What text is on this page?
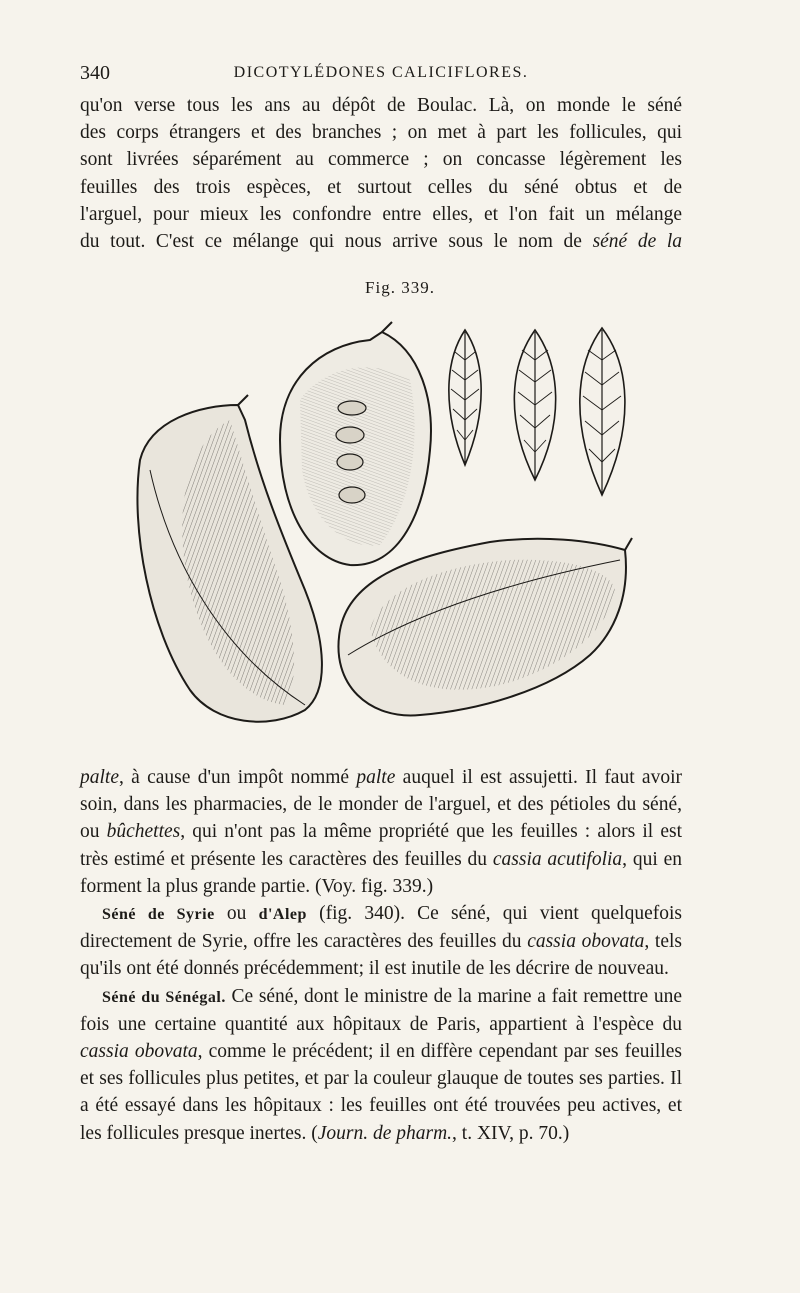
340	DICOTYLÉDONES CALICIFLORES.

qu'on verse tous les ans au dépôt de Boulac. Là, on monde le séné

des corps étrangers et des branches ; on met à part les follicules, qui

sont livrées séparément au commerce ; on concasse légèrement les

feuilles des trois espèces, et surtout celles du séné obtus et de

l'arguel, pour mieux les confondre entre elles, et l'on fait un mélange

du tout. C'est ce mélange qui nous arrive sous le nom de séné de la

Fig. 339.

palte, à cause d'un impôt nommé palte auquel il est assujetti. Il faut avoir soin, dans les pharmacies, de le monder de l'arguel, et des pétioles du séné, ou bûchettes, qui n'ont pas la même propriété que les feuilles : alors il est très estimé et présente les caractères des feuilles du cassia acutifolia, qui en forment la plus grande partie. (Voy. fig. 339.)

Séné de Syrie ou d'Alep (fig. 340). Ce séné, qui vient quelquefois directement de Syrie, offre les caractères des feuilles du cassia obovata, tels qu'ils ont été donnés précédemment; il est inutile de les décrire de nouveau.

Séné du Sénégal. Ce séné, dont le ministre de la marine a fait remettre une fois une certaine quantité aux hôpitaux de Paris, appartient à l'espèce du cassia obovata, comme le précédent; il en diffère cependant par ses feuilles et ses follicules plus petites, et par la couleur glauque de toutes ses parties. Il a été essayé dans les hôpitaux : les feuilles ont été trouvées peu actives, et les follicules presque inertes. (Journ. de pharm., t. XIV, p. 70.)
